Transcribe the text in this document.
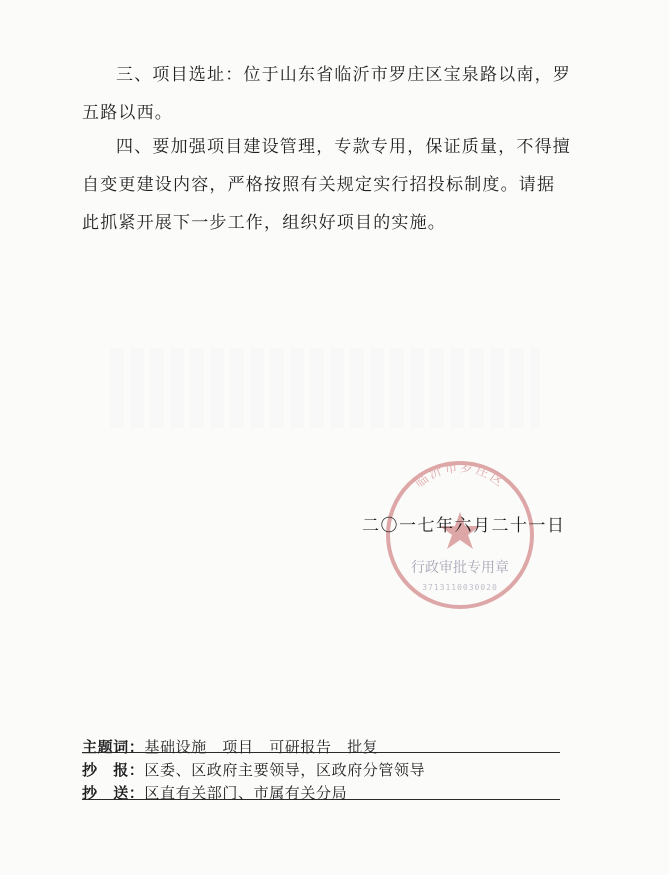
三、项目选址：位于山东省临沂市罗庄区宝泉路以南，罗五路以西。

四、要加强项目建设管理，专款专用，保证质量，不得擅自变更建设内容，严格按照有关规定实行招投标制度。请据此抓紧开展下一步工作，组织好项目的实施。

临沂市罗庄区
行政审批专用章
3713110030020
二〇一七年六月二十一日
主题词：基础设施　项目　可研报告　批复
抄　报：区委、区政府主要领导，区政府分管领导
抄　送：区直有关部门、市属有关分局
